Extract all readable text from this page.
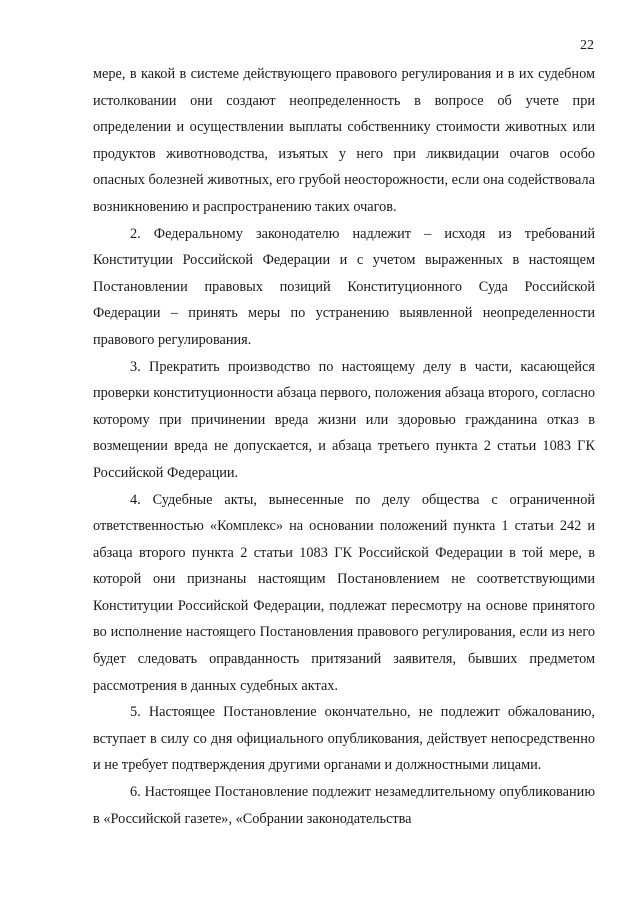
22

мере, в какой в системе действующего правового регулирования и в их судебном истолковании они создают неопределенность в вопросе об учете при определении и осуществлении выплаты собственнику стоимости животных или продуктов животноводства, изъятых у него при ликвидации очагов особо опасных болезней животных, его грубой неосторожности, если она содействовала возникновению и распространению таких очагов.

2. Федеральному законодателю надлежит – исходя из требований Конституции Российской Федерации и с учетом выраженных в настоящем Постановлении правовых позиций Конституционного Суда Российской Федерации – принять меры по устранению выявленной неопределенности правового регулирования.

3. Прекратить производство по настоящему делу в части, касающейся проверки конституционности абзаца первого, положения абзаца второго, согласно которому при причинении вреда жизни или здоровью гражданина отказ в возмещении вреда не допускается, и абзаца третьего пункта 2 статьи 1083 ГК Российской Федерации.

4. Судебные акты, вынесенные по делу общества с ограниченной ответственностью «Комплекс» на основании положений пункта 1 статьи 242 и абзаца второго пункта 2 статьи 1083 ГК Российской Федерации в той мере, в которой они признаны настоящим Постановлением не соответствующими Конституции Российской Федерации, подлежат пересмотру на основе принятого во исполнение настоящего Постановления правового регулирования, если из него будет следовать оправданность притязаний заявителя, бывших предметом рассмотрения в данных судебных актах.

5. Настоящее Постановление окончательно, не подлежит обжалованию, вступает в силу со дня официального опубликования, действует непосредственно и не требует подтверждения другими органами и должностными лицами.

6. Настоящее Постановление подлежит незамедлительному опубликованию в «Российской газете», «Собрании законодательства
